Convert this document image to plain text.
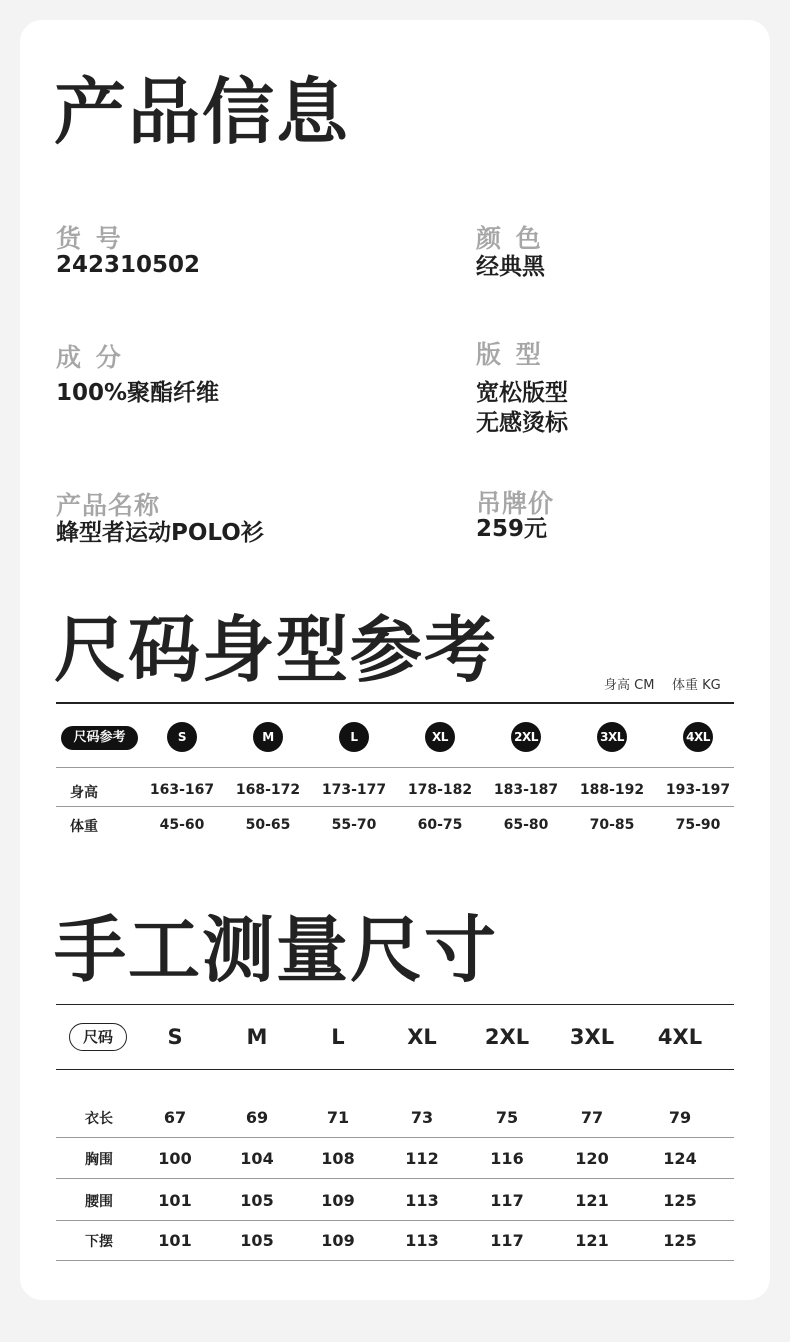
产品信息
货 号
242310502
颜 色
经典黑
成 分
100%聚酯纤维
版 型
宽松版型
无感烫标
产品名称
蜂型者运动POLO衫
吊牌价
259元
尺码身型参考	身高 CM 体重 KG
尺码参考	S	M	L	XL	2XL	3XL	4XL
身高	163-167	168-172	173-177	178-182	183-187	188-192	193-197
体重	45-60	50-65	55-70	60-75	65-80	70-85	75-90
手工测量尺寸
尺码	S	M	L	XL	2XL	3XL	4XL
衣长	67	69	71	73	75	77	79
胸围	100	104	108	112	116	120	124
腰围	101	105	109	113	117	121	125
下摆	101	105	109	113	117	121	125
